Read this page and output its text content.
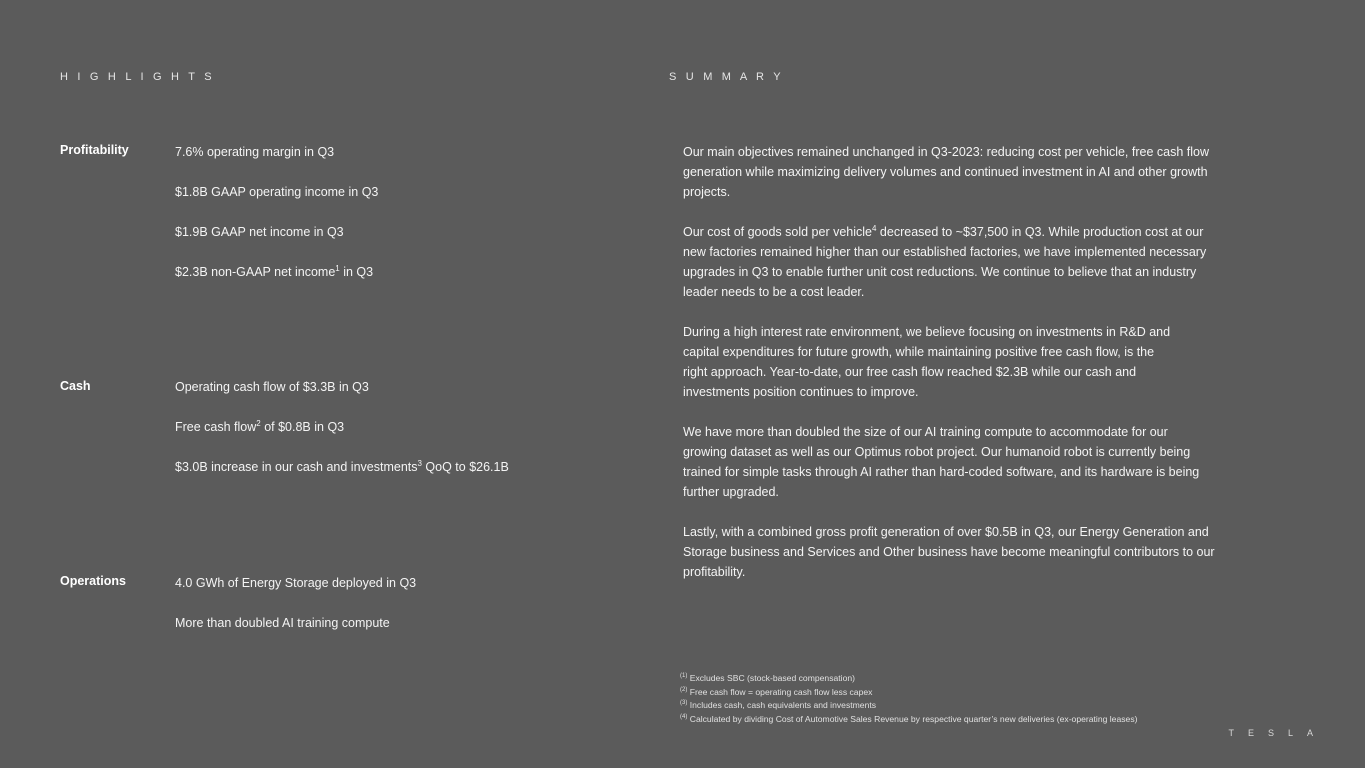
H I G H L I G H T S	S U M M A R Y
Profitability	7.6% operating margin in Q3
$1.8B GAAP operating income in Q3
$1.9B GAAP net income in Q3
$2.3B non-GAAP net income$^1$ in Q3
Cash	Operating cash flow of $3.3B in Q3
Free cash flow$^2$ of $0.8B in Q3
$3.0B increase in our cash and investments$^3$ QoQ to $26.1B
Operations	4.0 GWh of Energy Storage deployed in Q3
More than doubled AI training compute
Our main objectives remained unchanged in Q3-2023: reducing cost per vehicle, free cash flow
generation while maximizing delivery volumes and continued investment in AI and other growth
projects.
Our cost of goods sold per vehicle$^4$ decreased to ~$37,500 in Q3. While production cost at our
new factories remained higher than our established factories, we have implemented necessary
upgrades in Q3 to enable further unit cost reductions. We continue to believe that an industry
leader needs to be a cost leader.
During a high interest rate environment, we believe focusing on investments in R&D and
capital expenditures for future growth, while maintaining positive free cash flow, is the
right approach. Year-to-date, our free cash flow reached $2.3B while our cash and
investments position continues to improve.
We have more than doubled the size of our AI training compute to accommodate for our
growing dataset as well as our Optimus robot project. Our humanoid robot is currently being
trained for simple tasks through AI rather than hard-coded software, and its hardware is being
further upgraded.
Lastly, with a combined gross profit generation of over $0.5B in Q3, our Energy Generation and
Storage business and Services and Other business have become meaningful contributors to our
profitability.
$^{(1)}$ Excludes SBC (stock-based compensation)
$^{(2)}$ Free cash flow = operating cash flow less capex
$^{(3)}$ Includes cash, cash equivalents and investments
$^{(4)}$ Calculated by dividing Cost of Automotive Sales Revenue by respective quarter’s new deliveries (ex-operating leases)
TESLA
